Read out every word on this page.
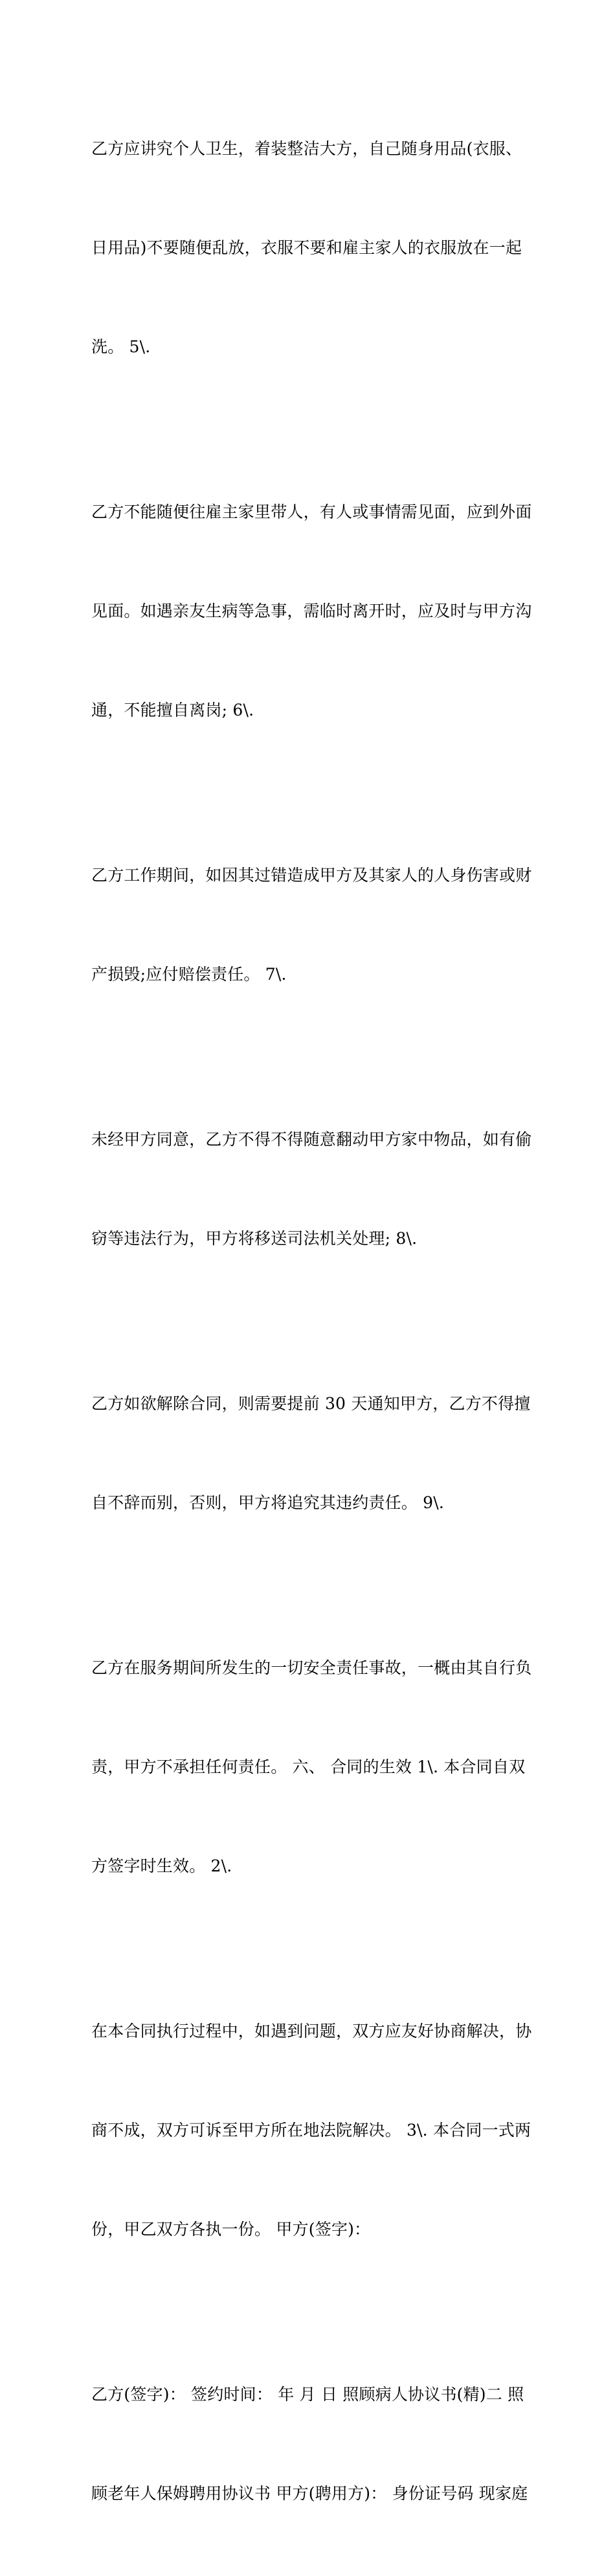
乙方应讲究个人卫生，着装整洁大方，自己随身用品(衣服、

日用品)不要随便乱放，衣服不要和雇主家人的衣服放在一起

洗。 5\.

乙方不能随便往雇主家里带人，有人或事情需见面，应到外面

见面。如遇亲友生病等急事，需临时离开时，应及时与甲方沟

通，不能擅自离岗; 6\.

乙方工作期间，如因其过错造成甲方及其家人的人身伤害或财

产损毁;应付赔偿责任。 7\.

未经甲方同意，乙方不得不得随意翻动甲方家中物品，如有偷

窃等违法行为，甲方将移送司法机关处理; 8\.

乙方如欲解除合同，则需要提前 30 天通知甲方，乙方不得擅

自不辞而别，否则，甲方将追究其违约责任。 9\.

乙方在服务期间所发生的一切安全责任事故，一概由其自行负

责，甲方不承担任何责任。 六、 合同的生效 1\. 本合同自双

方签字时生效。 2\.

在本合同执行过程中，如遇到问题，双方应友好协商解决，协

商不成，双方可诉至甲方所在地法院解决。 3\. 本合同一式两

份，甲乙双方各执一份。 甲方(签字)：

乙方(签字)： 签约时间： 年 月 日 照顾病人协议书(精)二 照

顾老年人保姆聘用协议书 甲方(聘用方)： 身份证号码 现家庭
